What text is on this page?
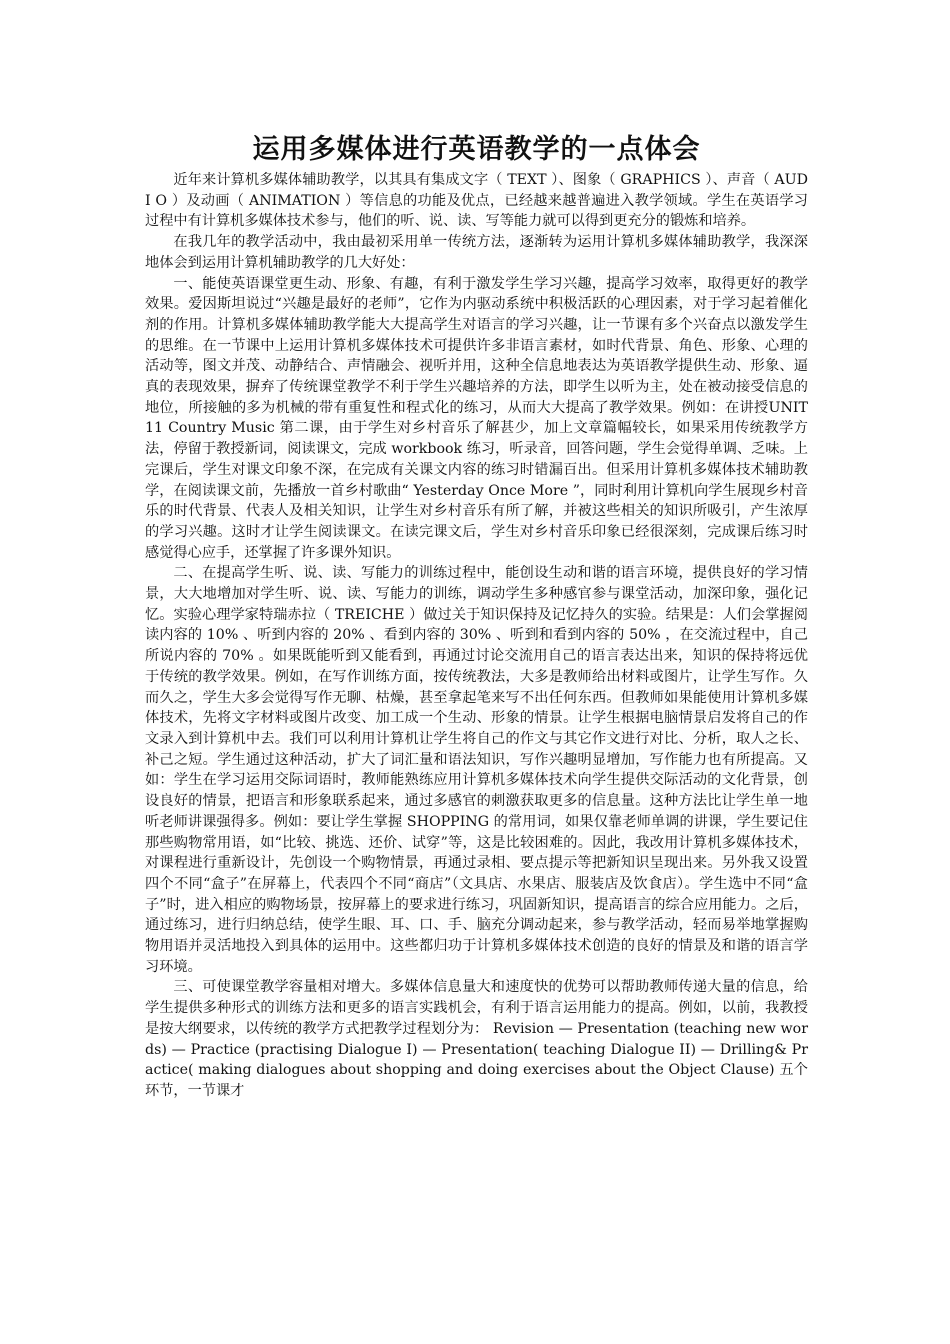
运用多媒体进行英语教学的一点体会

近年来计算机多媒体辅助教学，以其具有集成文字（ TEXT ）、图象（ GRAPHICS ）、声音（ AUDI O ）及动画（ ANIMATION ）等信息的功能及优点，已经越来越普遍进入教学领域。学生在英语学习过程中有计算机多媒体技术参与，他们的听、说、读、写等能力就可以得到更充分的锻炼和培养。

在我几年的教学活动中，我由最初采用单一传统方法，逐渐转为运用计算机多媒体辅助教学，我深深地体会到运用计算机辅助教学的几大好处：

一、能使英语课堂更生动、形象、有趣，有利于激发学生学习兴趣，提高学习效率，取得更好的教学效果。爱因斯坦说过“兴趣是最好的老师”，它作为内驱动系统中积极活跃的心理因素，对于学习起着催化剂的作用。计算机多媒体辅助教学能大大提高学生对语言的学习兴趣，让一节课有多个兴奋点以激发学生的思维。在一节课中上运用计算机多媒体技术可提供许多非语言素材，如时代背景、角色、形象、心理的活动等，图文并茂、动静结合、声情融会、视听并用，这种全信息地表达为英语教学提供生动、形象、逼真的表现效果，摒弃了传统课堂教学不利于学生兴趣培养的方法，即学生以听为主，处在被动接受信息的地位，所接触的多为机械的带有重复性和程式化的练习，从而大大提高了教学效果。例如：在讲授UNIT 11 Country Music 第二课，由于学生对乡村音乐了解甚少，加上文章篇幅较长，如果采用传统教学方法，停留于教授新词，阅读课文，完成 workbook 练习，听录音，回答问题，学生会觉得单调、乏味。上完课后，学生对课文印象不深，在完成有关课文内容的练习时错漏百出。但采用计算机多媒体技术辅助教学，在阅读课文前，先播放一首乡村歌曲“ Yesterday Once More ”，同时利用计算机向学生展现乡村音乐的时代背景、代表人及相关知识，让学生对乡村音乐有所了解，并被这些相关的知识所吸引，产生浓厚的学习兴趣。这时才让学生阅读课文。在读完课文后，学生对乡村音乐印象已经很深刻，完成课后练习时感觉得心应手，还掌握了许多课外知识。

二、在提高学生听、说、读、写能力的训练过程中，能创设生动和谐的语言环境，提供良好的学习情景，大大地增加对学生听、说、读、写能力的训练，调动学生多种感官参与课堂活动，加深印象，强化记忆。实验心理学家特瑞赤拉（ TREICHE ）做过关于知识保持及记忆持久的实验。结果是：人们会掌握阅读内容的 10% 、听到内容的 20% 、看到内容的 30% 、听到和看到内容的 50% ，在交流过程中，自己所说内容的 70% 。如果既能听到又能看到，再通过讨论交流用自己的语言表达出来，知识的保持将远优于传统的教学效果。例如，在写作训练方面，按传统教法，大多是教师给出材料或图片，让学生写作。久而久之，学生大多会觉得写作无聊、枯燥，甚至拿起笔来写不出任何东西。但教师如果能使用计算机多媒体技术，先将文字材料或图片改变、加工成一个生动、形象的情景。让学生根据电脑情景启发将自己的作文录入到计算机中去。我们可以利用计算机让学生将自己的作文与其它作文进行对比、分析，取人之长、补己之短。学生通过这种活动，扩大了词汇量和语法知识，写作兴趣明显增加，写作能力也有所提高。又如：学生在学习运用交际词语时，教师能熟练应用计算机多媒体技术向学生提供交际活动的文化背景，创设良好的情景，把语言和形象联系起来，通过多感官的刺激获取更多的信息量。这种方法比让学生单一地听老师讲课强得多。例如：要让学生掌握 SHOPPING 的常用词，如果仅靠老师单调的讲课，学生要记住那些购物常用语，如“比较、挑选、还价、试穿”等，这是比较困难的。因此，我改用计算机多媒体技术，对课程进行重新设计，先创设一个购物情景，再通过录相、要点提示等把新知识呈现出来。另外我又设置四个不同“盒子”在屏幕上，代表四个不同“商店”（文具店、水果店、服装店及饮食店）。学生选中不同“盒子”时，进入相应的购物场景，按屏幕上的要求进行练习，巩固新知识，提高语言的综合应用能力。之后，通过练习，进行归纳总结，使学生眼、耳、口、手、脑充分调动起来，参与教学活动，轻而易举地掌握购物用语并灵活地投入到具体的运用中。这些都归功于计算机多媒体技术创造的良好的情景及和谐的语言学习环境。

三、可使课堂教学容量相对增大。多媒体信息量大和速度快的优势可以帮助教师传递大量的信息，给学生提供多种形式的训练方法和更多的语言实践机会，有利于语言运用能力的提高。例如，以前，我教授是按大纲要求，以传统的教学方式把教学过程划分为： Revision — Presentation (teaching new words) — Practice (practising Dialogue I) — Presentation( teaching Dialogue II) — Drilling& Practice( making dialogues about shopping and doing exercises about the Object Clause) 五个环节，一节课才
